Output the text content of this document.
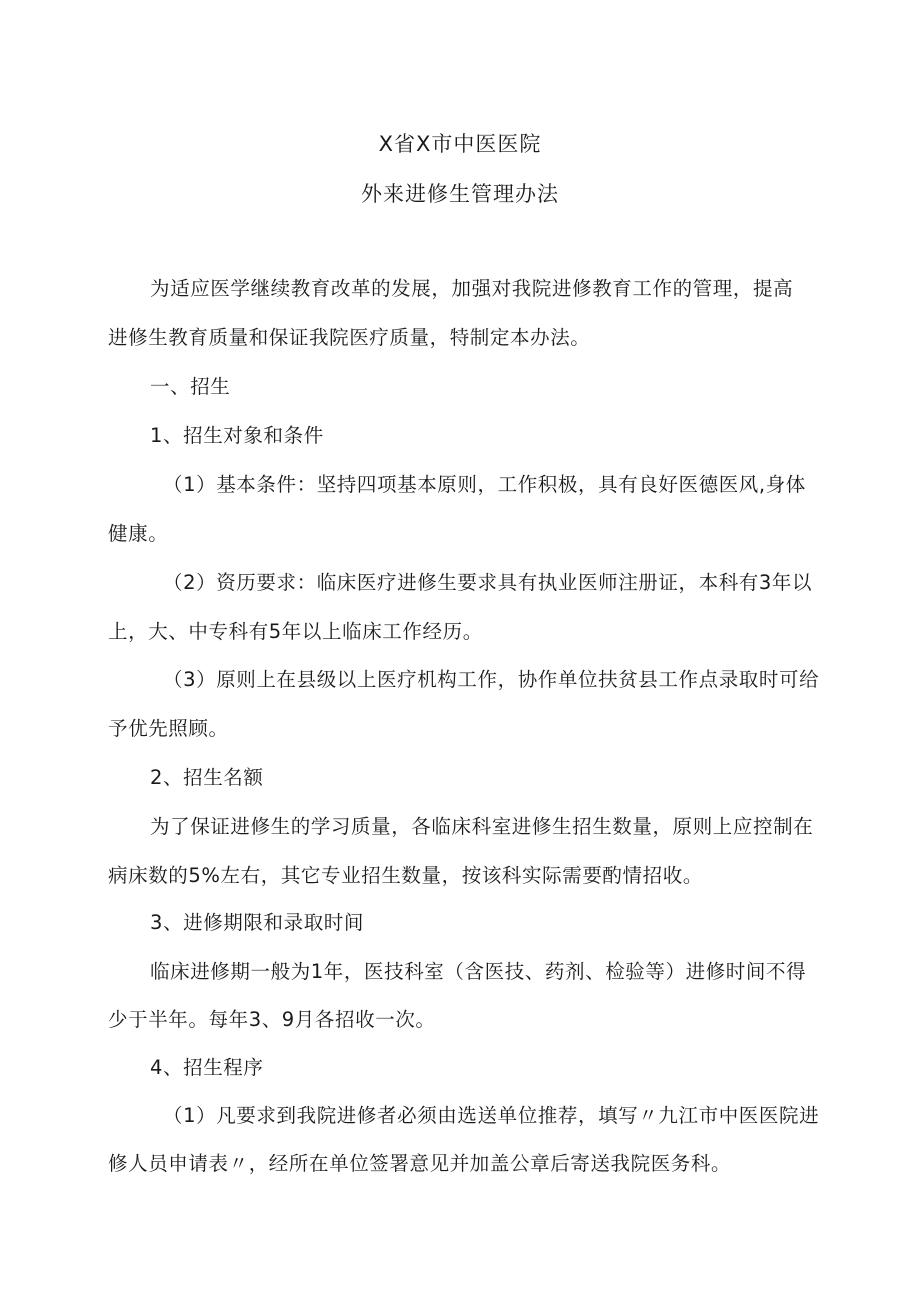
X省X市中医医院
外来进修生管理办法
为适应医学继续教育改革的发展，加强对我院进修教育工作的管理，提高
进修生教育质量和保证我院医疗质量，特制定本办法。
一、招生
1、招生对象和条件
（1）基本条件：坚持四项基本原则，工作积极，具有良好医德医风,身体
健康。
（2）资历要求：临床医疗进修生要求具有执业医师注册证，本科有3年以
上，大、中专科有5年以上临床工作经历。
（3）原则上在县级以上医疗机构工作，协作单位扶贫县工作点录取时可给
予优先照顾。
2、招生名额
为了保证进修生的学习质量，各临床科室进修生招生数量，原则上应控制在
病床数的5%左右，其它专业招生数量，按该科实际需要酌情招收。
3、进修期限和录取时间
临床进修期一般为1年，医技科室（含医技、药剂、检验等）进修时间不得
少于半年。每年3、9月各招收一次。
4、招生程序
（1）凡要求到我院进修者必须由选送单位推荐，填写〃九江市中医医院进
修人员申请表〃，经所在单位签署意见并加盖公章后寄送我院医务科。
